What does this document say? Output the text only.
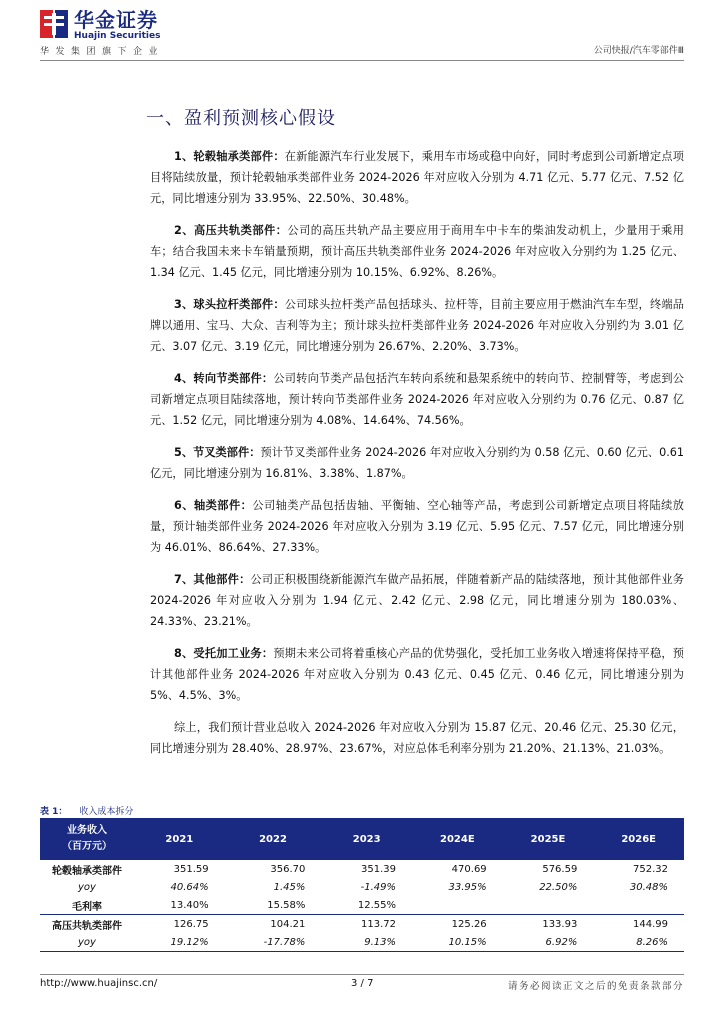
华金证券
Huajin Securities
华发集团旗下企业	公司快报/汽车零部件Ⅲ
一、盈利预测核心假设

1、轮毂轴承类部件：在新能源汽车行业发展下，乘用车市场或稳中向好，同时考虑到公司新增定点项目将陆续放量，预计轮毂轴承类部件业务 2024-2026 年对应收入分别为 4.71 亿元、5.77 亿元、7.52 亿元，同比增速分别为 33.95%、22.50%、30.48%。

2、高压共轨类部件：公司的高压共轨产品主要应用于商用车中卡车的柴油发动机上，少量用于乘用车；结合我国未来卡车销量预期，预计高压共轨类部件业务 2024-2026 年对应收入分别约为 1.25 亿元、1.34 亿元、1.45 亿元，同比增速分别为 10.15%、6.92%、8.26%。

3、球头拉杆类部件：公司球头拉杆类产品包括球头、拉杆等，目前主要应用于燃油汽车车型，终端品牌以通用、宝马、大众、吉利等为主；预计球头拉杆类部件业务 2024-2026 年对应收入分别约为 3.01 亿元、3.07 亿元、3.19 亿元，同比增速分别为 26.67%、2.20%、3.73%。

4、转向节类部件：公司转向节类产品包括汽车转向系统和悬架系统中的转向节、控制臂等，考虑到公司新增定点项目陆续落地，预计转向节类部件业务 2024-2026 年对应收入分别约为 0.76 亿元、0.87 亿元、1.52 亿元，同比增速分别为 4.08%、14.64%、74.56%。

5、节叉类部件：预计节叉类部件业务 2024-2026 年对应收入分别约为 0.58 亿元、0.60 亿元、0.61 亿元，同比增速分别为 16.81%、3.38%、1.87%。

6、轴类部件：公司轴类产品包括齿轴、平衡轴、空心轴等产品，考虑到公司新增定点项目将陆续放量，预计轴类部件业务 2024-2026 年对应收入分别为 3.19 亿元、5.95 亿元、7.57 亿元，同比增速分别为 46.01%、86.64%、27.33%。

7、其他部件：公司正积极围绕新能源汽车做产品拓展，伴随着新产品的陆续落地，预计其他部件业务 2024-2026 年对应收入分别为 1.94 亿元、2.42 亿元、2.98 亿元，同比增速分别为 180.03%、24.33%、23.21%。

8、受托加工业务：预期未来公司将着重核心产品的优势强化，受托加工业务收入增速将保持平稳，预计其他部件业务 2024-2026 年对应收入分别为 0.43 亿元、0.45 亿元、0.46 亿元，同比增速分别为 5%、4.5%、3%。

综上，我们预计营业总收入 2024-2026 年对应收入分别为 15.87 亿元、20.46 亿元、25.30 亿元，同比增速分别为 28.40%、28.97%、23.67%，对应总体毛利率分别为 21.20%、21.13%、21.03%。

表 1： 收入成本拆分
业务收入
（百万元）	2021	2022	2023	2024E	2025E	2026E
轮毂轴承类部件	351.59	356.70	351.39	470.69	576.59	752.32
yoy	40.64%	1.45%	-1.49%	33.95%	22.50%	30.48%
毛利率	13.40%	15.58%	12.55%			
高压共轨类部件	126.75	104.21	113.72	125.26	133.93	144.99
yoy	19.12%	-17.78%	9.13%	10.15%	6.92%	8.26%
http://www.huajinsc.cn/	3 / 7	请务必阅读正文之后的免责条款部分
